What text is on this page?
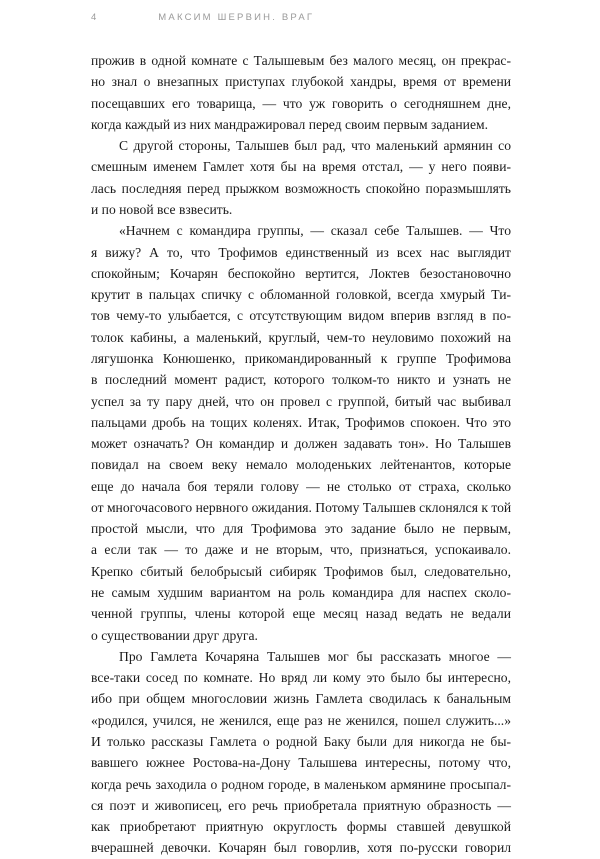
4	МАКСИМ ШЕРВИН. ВРАГ
прожив в одной комнате с Талышевым без малого месяц, он прекрас-
но знал о внезапных приступах глубокой хандры, время от времени
посещавших его товарища, — что уж говорить о сегодняшнем дне,
когда каждый из них мандражировал перед своим первым заданием.
С другой стороны, Талышев был рад, что маленький армянин со
смешным именем Гамлет хотя бы на время отстал, — у него появи-
лась последняя перед прыжком возможность спокойно поразмышлять
и по новой все взвесить.
«Начнем с командира группы, — сказал себе Талышев. — Что
я вижу? А то, что Трофимов единственный из всех нас выглядит
спокойным; Кочарян беспокойно вертится, Локтев безостановочно
крутит в пальцах спичку с обломанной головкой, всегда хмурый Ти-
тов чему-то улыбается, с отсутствующим видом вперив взгляд в по-
толок кабины, а маленький, круглый, чем-то неуловимо похожий на
лягушонка Конюшенко, прикомандированный к группе Трофимова
в последний момент радист, которого толком-то никто и узнать не
успел за ту пару дней, что он провел с группой, битый час выбивал
пальцами дробь на тощих коленях. Итак, Трофимов спокоен. Что это
может означать? Он командир и должен задавать тон». Но Талышев
повидал на своем веку немало молоденьких лейтенантов, которые
еще до начала боя теряли голову — не столько от страха, сколько
от многочасового нервного ожидания. Потому Талышев склонялся к той
простой мысли, что для Трофимова это задание было не первым,
а если так — то даже и не вторым, что, признаться, успокаивало.
Крепко сбитый белобрысый сибиряк Трофимов был, следовательно,
не самым худшим вариантом на роль командира для наспех сколо-
ченной группы, члены которой еще месяц назад ведать не ведали
о существовании друг друга.
Про Гамлета Кочаряна Талышев мог бы рассказать многое —
все-таки сосед по комнате. Но вряд ли кому это было бы интересно,
ибо при общем многословии жизнь Гамлета сводилась к банальным
«родился, учился, не женился, еще раз не женился, пошел служить...»
И только рассказы Гамлета о родной Баку были для никогда не бы-
вавшего южнее Ростова-на-Дону Талышева интересны, потому что,
когда речь заходила о родном городе, в маленьком армянине просыпал-
ся поэт и живописец, его речь приобретала приятную образность —
как приобретают приятную округлость формы ставшей девушкой
вчерашней девочки. Кочарян был говорлив, хотя по-русски говорил
